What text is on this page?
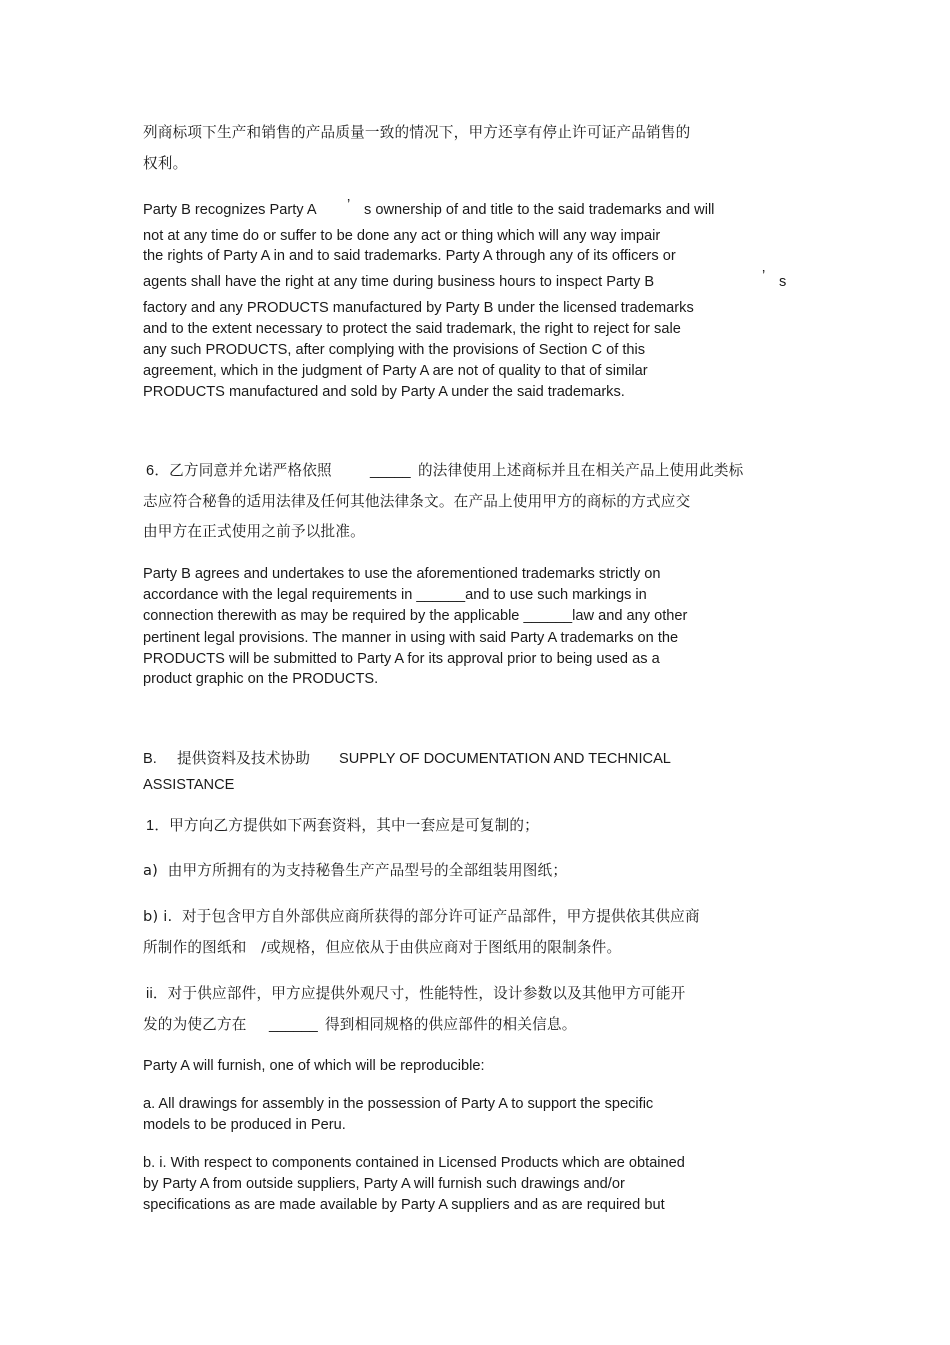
列商标项下生产和销售的产品质量一致的情况下，甲方还享有停止许可证产品销售的
权利。
Party B recognizes Party A ’ s ownership of and title to the said trademarks and will
not at any time do or suffer to be done any act or thing which will any way impair
the rights of Party A in and to said trademarks. Party A through any of its officers or
agents shall have the right at any time during business hours to inspect Party B	’ s
factory and any PRODUCTS manufactured by Party B under the licensed trademarks
and to the extent necessary to protect the said trademark, the right to reject for sale
any such PRODUCTS, after complying with the provisions of Section C of this
agreement, which in the judgment of Party A are not of quality to that of similar
PRODUCTS manufactured and sold by Party A under the said trademarks.
6．乙方同意并允诺严格依照	_____ 的法律使用上述商标并且在相关产品上使用此类标
志应符合秘鲁的适用法律及任何其他法律条文。在产品上使用甲方的商标的方式应交
由甲方在正式使用之前予以批准。
Party B agrees and undertakes to use the aforementioned trademarks strictly on
accordance with the legal requirements in ______and to use such markings in
connection therewith as may be required by the applicable ______law and any other
pertinent legal provisions. The manner in using with said Party A trademarks on the
PRODUCTS will be submitted to Party A for its approval prior to being used as a
product graphic on the PRODUCTS.
B. 提供资料及技术协助 SUPPLY OF DOCUMENTATION AND TECHNICAL
ASSISTANCE
1．甲方向乙方提供如下两套资料，其中一套应是可复制的；
a)  由甲方所拥有的为支持秘鲁生产产品型号的全部组装用图纸；
b) i.  对于包含甲方自外部供应商所获得的部分许可证产品部件，甲方提供依其供应商
所制作的图纸和   /或规格，但应依从于由供应商对于图纸用的限制条件。
ii．对于供应部件，甲方应提供外观尺寸，性能特性，设计参数以及其他甲方可能开
发的为使乙方在 ______ 得到相同规格的供应部件的相关信息。
Party A will furnish, one of which will be reproducible:
a. All drawings for assembly in the possession of Party A to support the specific
models to be produced in Peru.
b. i. With respect to components contained in Licensed Products which are obtained
by Party A from outside suppliers, Party A will furnish such drawings and/or
specifications as are made available by Party A suppliers and as are required but
